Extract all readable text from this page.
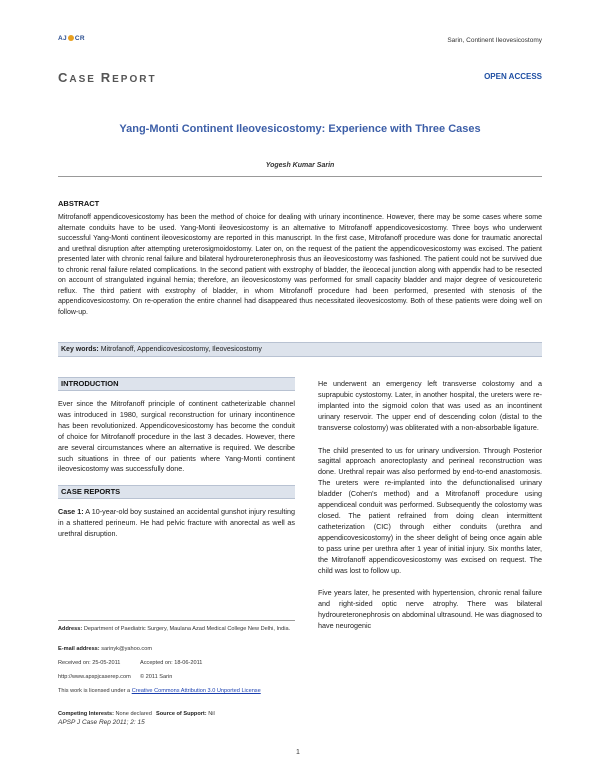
AJ CR	Sarin, Continent Ileovesicostomy
CASE REPORT	OPEN ACCESS
Yang-Monti Continent Ileovesicostomy: Experience with Three Cases
Yogesh Kumar Sarin
ABSTRACT
Mitrofanoff appendicovesicostomy has been the method of choice for dealing with urinary incontinence. However, there may be some cases where some alternate conduits have to be used. Yang-Monti ileovesicostomy is an alternative to Mitrofanoff appendicovesicostomy. Three boys who underwent successful Yang-Monti continent ileovesicostomy are reported in this manuscript. In the first case, Mitrofanoff procedure was done for traumatic anorectal and urethral disruption after attempting ureterosigmoidostomy. Later on, on the request of the patient the appendicovesicostomy was excised. The patient presented later with chronic renal failure and bilateral hydroureteronephrosis thus an ileovesicostomy was fashioned. The patient could not be survived due to chronic renal failure related complications. In the second patient with exstrophy of bladder, the ileocecal junction along with appendix had to be resected on account of strangulated inguinal hernia; therefore, an ileovesicostomy was performed for small capacity bladder and major degree of vesicoureteric reflux. The third patient with exstrophy of bladder, in whom Mitrofanoff procedure had been performed, presented with stenosis of the appendicovesicostomy. On re-operation the entire channel had disappeared thus necessitated ileovesicostomy. Both of these patients were doing well on follow-up.
Key words: Mitrofanoff, Appendicovesicostomy, Ileovesicostomy
INTRODUCTION
Ever since the Mitrofanoff principle of continent catheterizable channel was introduced in 1980, surgical reconstruction for urinary incontinence has been revolutionized. Appendicovesicostomy has become the conduit of choice for Mitrofanoff procedure in the last 3 decades. However, there are several circumstances where an alternative is required. We describe such situations in three of our patients where Yang-Monti continent ileovesicostomy was successfully done.
CASE REPORTS
Case 1: A 10-year-old boy sustained an accidental gunshot injury resulting in a shattered perineum. He had pelvic fracture with anorectal as well as urethral disruption.
Address: Department of Paediatric Surgery, Maulana Azad Medical College New Delhi, India.
E-mail address: sarinyk@yahoo.com
Received on: 25-05-2011	Accepted on: 18-06-2011
http://www.apspjcaserep.com © 2011 Sarin
This work is licensed under a Creative Commons Attribution 3.0 Unported License
Competing Interests: None declared Source of Support: Nil
APSP J Case Rep 2011; 2: 15
He underwent an emergency left transverse colostomy and a suprapubic cystostomy. Later, in another hospital, the ureters were re-implanted into the sigmoid colon that was used as an incontinent urinary reservoir. The upper end of descending colon (distal to the transverse colostomy) was obliterated with a non-absorbable ligature.
The child presented to us for urinary undiversion. Through Posterior sagittal approach anorectoplasty and perineal reconstruction was done. Urethral repair was also performed by end-to-end anastomosis. The ureters were re-implanted into the defunctionalised urinary bladder (Cohen's method) and a Mitrofanoff procedure using appendiceal conduit was performed. Subsequently the colostomy was closed. The patient refrained from doing clean intermittent catheterization (CIC) through either conduits (urethra and appendicovesicostomy) in the sheer delight of being once again able to pass urine per urethra after 1 year of initial injury. Six months later, the Mitrofanoff appendicovesicostomy was excised on request. The child was lost to follow up.
Five years later, he presented with hypertension, chronic renal failure and right-sided optic nerve atrophy. There was bilateral hydroureteronephrosis on abdominal ultrasound. He was diagnosed to have neurogenic
1
